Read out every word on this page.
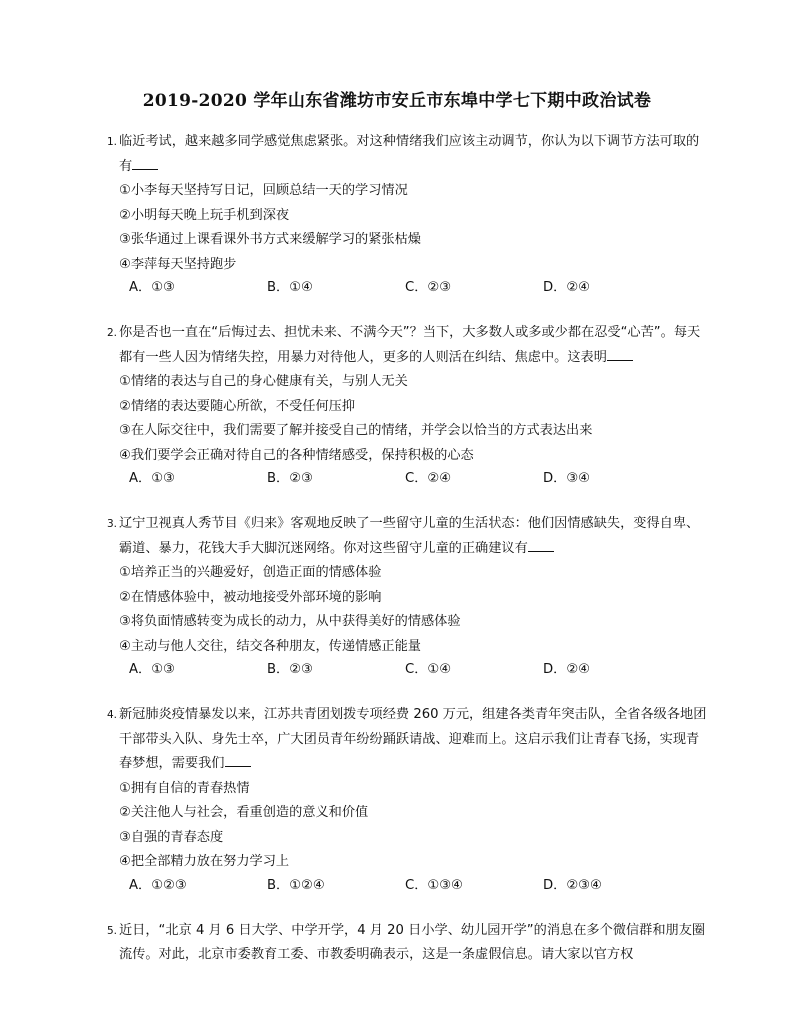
2019-2020 学年山东省潍坊市安丘市东埠中学七下期中政治试卷
1. 临近考试，越来越多同学感觉焦虑紧张。对这种情绪我们应该主动调节，你认为以下调节方法可取的有
①小李每天坚持写日记，回顾总结一天的学习情况
②小明每天晚上玩手机到深夜
③张华通过上课看课外书方式来缓解学习的紧张枯燥
④李萍每天坚持跑步
A．①③	B．①④	C．②③	D．②④
2. 你是否也一直在“后悔过去、担忧未来、不满今天”？当下，大多数人或多或少都在忍受“心苦”。每天都有一些人因为情绪失控，用暴力对待他人，更多的人则活在纠结、焦虑中。这表明
①情绪的表达与自己的身心健康有关，与别人无关
②情绪的表达要随心所欲，不受任何压抑
③在人际交往中，我们需要了解并接受自己的情绪，并学会以恰当的方式表达出来
④我们要学会正确对待自己的各种情绪感受，保持积极的心态
A．①③	B．②③	C．②④	D．③④
3. 辽宁卫视真人秀节目《归来》客观地反映了一些留守儿童的生活状态：他们因情感缺失，变得自卑、霸道、暴力，花钱大手大脚沉迷网络。你对这些留守儿童的正确建议有
①培养正当的兴趣爱好，创造正面的情感体验
②在情感体验中，被动地接受外部环境的影响
③将负面情感转变为成长的动力，从中获得美好的情感体验
④主动与他人交往，结交各种朋友，传递情感正能量
A．①③	B．②③	C．①④	D．②④
4. 新冠肺炎疫情暴发以来，江苏共青团划拨专项经费 260 万元，组建各类青年突击队，全省各级各地团干部带头入队、身先士卒，广大团员青年纷纷踊跃请战、迎难而上。这启示我们让青春飞扬，实现青春梦想，需要我们
①拥有自信的青春热情
②关注他人与社会，看重创造的意义和价值
③自强的青春态度
④把全部精力放在努力学习上
A．①②③	B．①②④	C．①③④	D．②③④
5. 近日，“北京 4 月 6 日大学、中学开学，4 月 20 日小学、幼儿园开学”的消息在多个微信群和朋友圈流传。对此，北京市委教育工委、市教委明确表示，这是一条虚假信息。请大家以官方权
